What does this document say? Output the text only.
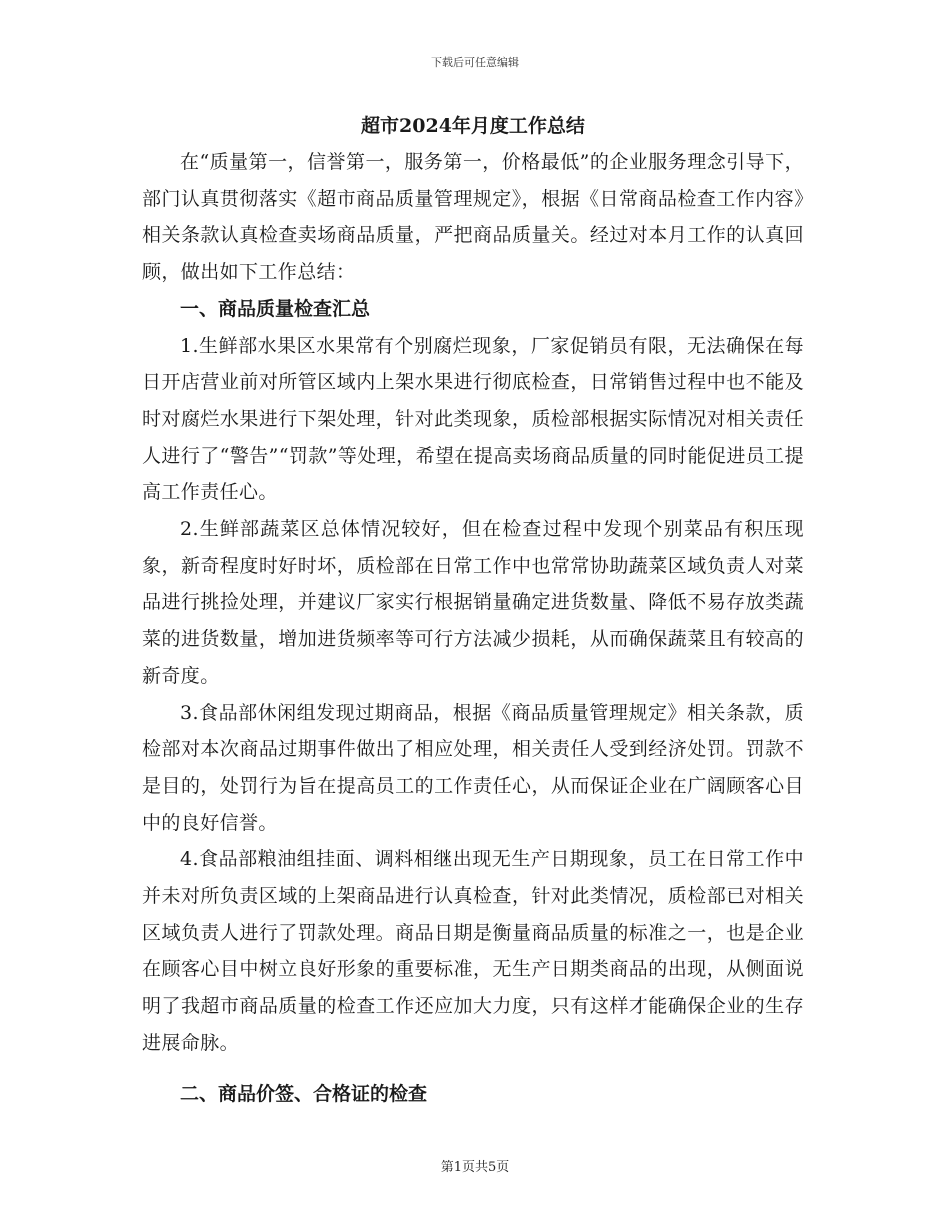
下载后可任意编辑
超市2024年月度工作总结

在“质量第一，信誉第一，服务第一，价格最低”的企业服务理念引导下，部门认真贯彻落实《超市商品质量管理规定》，根据《日常商品检查工作内容》相关条款认真检查卖场商品质量，严把商品质量关。经过对本月工作的认真回顾，做出如下工作总结：

一、商品质量检查汇总

1.生鲜部水果区水果常有个别腐烂现象，厂家促销员有限，无法确保在每日开店营业前对所管区域内上架水果进行彻底检查，日常销售过程中也不能及时对腐烂水果进行下架处理，针对此类现象，质检部根据实际情况对相关责任人进行了“警告”“罚款”等处理，希望在提高卖场商品质量的同时能促进员工提高工作责任心。

2.生鲜部蔬菜区总体情况较好，但在检查过程中发现个别菜品有积压现象，新奇程度时好时坏，质检部在日常工作中也常常协助蔬菜区域负责人对菜品进行挑捡处理，并建议厂家实行根据销量确定进货数量、降低不易存放类蔬菜的进货数量，增加进货频率等可行方法减少损耗，从而确保蔬菜且有较高的新奇度。

3.食品部休闲组发现过期商品，根据《商品质量管理规定》相关条款，质检部对本次商品过期事件做出了相应处理，相关责任人受到经济处罚。罚款不是目的，处罚行为旨在提高员工的工作责任心，从而保证企业在广阔顾客心目中的良好信誉。

4.食品部粮油组挂面、调料相继出现无生产日期现象，员工在日常工作中并未对所负责区域的上架商品进行认真检查，针对此类情况，质检部已对相关区域负责人进行了罚款处理。商品日期是衡量商品质量的标准之一，也是企业在顾客心目中树立良好形象的重要标准，无生产日期类商品的出现，从侧面说明了我超市商品质量的检查工作还应加大力度，只有这样才能确保企业的生存进展命脉。

二、商品价签、合格证的检查

第1页共5页
